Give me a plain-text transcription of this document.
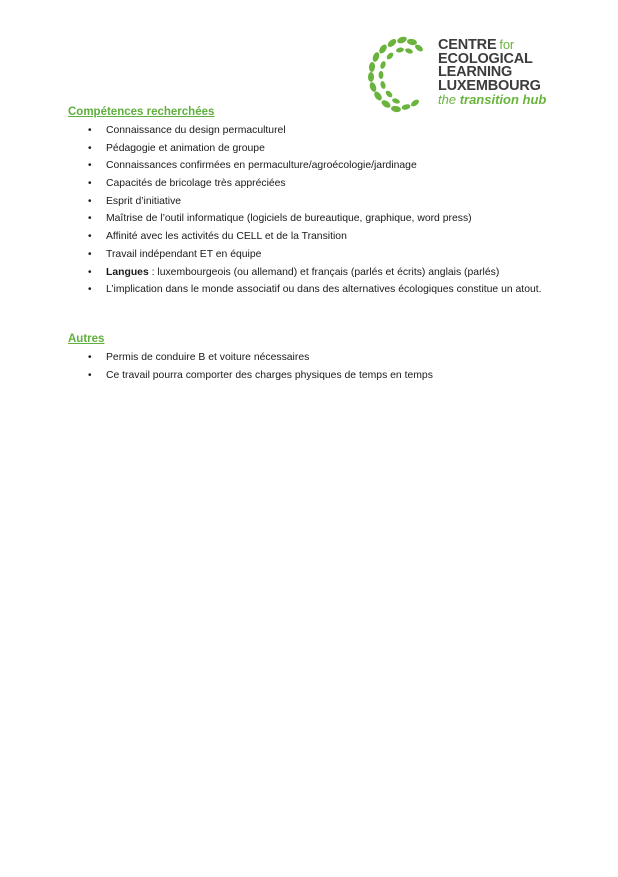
CENTRE for
ECOLOGICAL
LEARNING
LUXEMBOURG
the transition hub
Compétences recherchées
• Connaissance du design permaculturel
• Pédagogie et animation de groupe
• Connaissances confirmées en permaculture/agroécologie/jardinage
• Capacités de bricolage très appréciées
• Esprit d’initiative
• Maîtrise de l’outil informatique (logiciels de bureautique, graphique, word press)
• Affinité avec les activités du CELL et de la Transition
• Travail indépendant ET en équipe
• Langues : luxembourgeois (ou allemand) et français (parlés et écrits) anglais (parlés)
• L’implication dans le monde associatif ou dans des alternatives écologiques constitue un atout.
Autres
• Permis de conduire B et voiture nécessaires
• Ce travail pourra comporter des charges physiques de temps en temps
